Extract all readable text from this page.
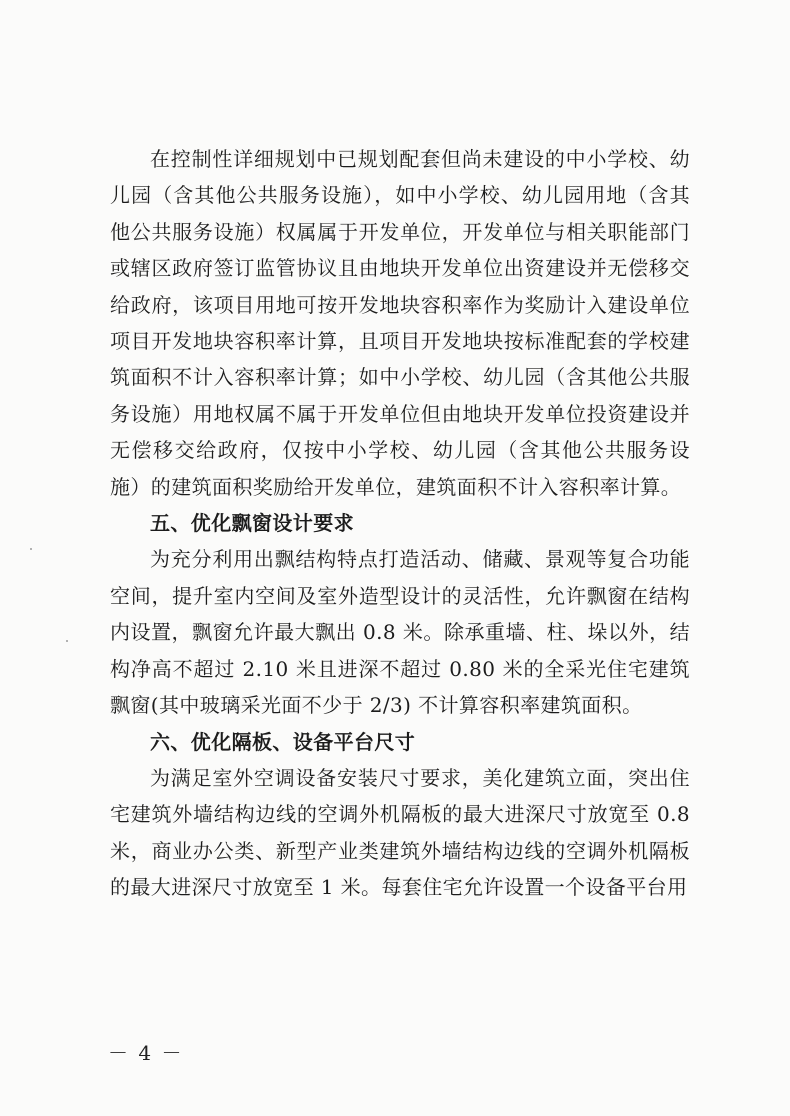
在控制性详细规划中已规划配套但尚未建设的中小学校、幼儿园（含其他公共服务设施），如中小学校、幼儿园用地（含其他公共服务设施）权属属于开发单位，开发单位与相关职能部门或辖区政府签订监管协议且由地块开发单位出资建设并无偿移交给政府，该项目用地可按开发地块容积率作为奖励计入建设单位项目开发地块容积率计算，且项目开发地块按标准配套的学校建筑面积不计入容积率计算；如中小学校、幼儿园（含其他公共服务设施）用地权属不属于开发单位但由地块开发单位投资建设并无偿移交给政府，仅按中小学校、幼儿园（含其他公共服务设施）的建筑面积奖励给开发单位，建筑面积不计入容积率计算。

五、优化飘窗设计要求

为充分利用出飘结构特点打造活动、储藏、景观等复合功能空间，提升室内空间及室外造型设计的灵活性，允许飘窗在结构内设置，飘窗允许最大飘出 0.8 米。除承重墙、柱、垛以外，结构净高不超过 2.10 米且进深不超过 0.80 米的全采光住宅建筑飘窗(其中玻璃采光面不少于 2/3) 不计算容积率建筑面积。

六、优化隔板、设备平台尺寸

为满足室外空调设备安装尺寸要求，美化建筑立面，突出住宅建筑外墙结构边线的空调外机隔板的最大进深尺寸放宽至 0.8 米，商业办公类、新型产业类建筑外墙结构边线的空调外机隔板的最大进深尺寸放宽至 1 米。每套住宅允许设置一个设备平台用

－ 4 －
